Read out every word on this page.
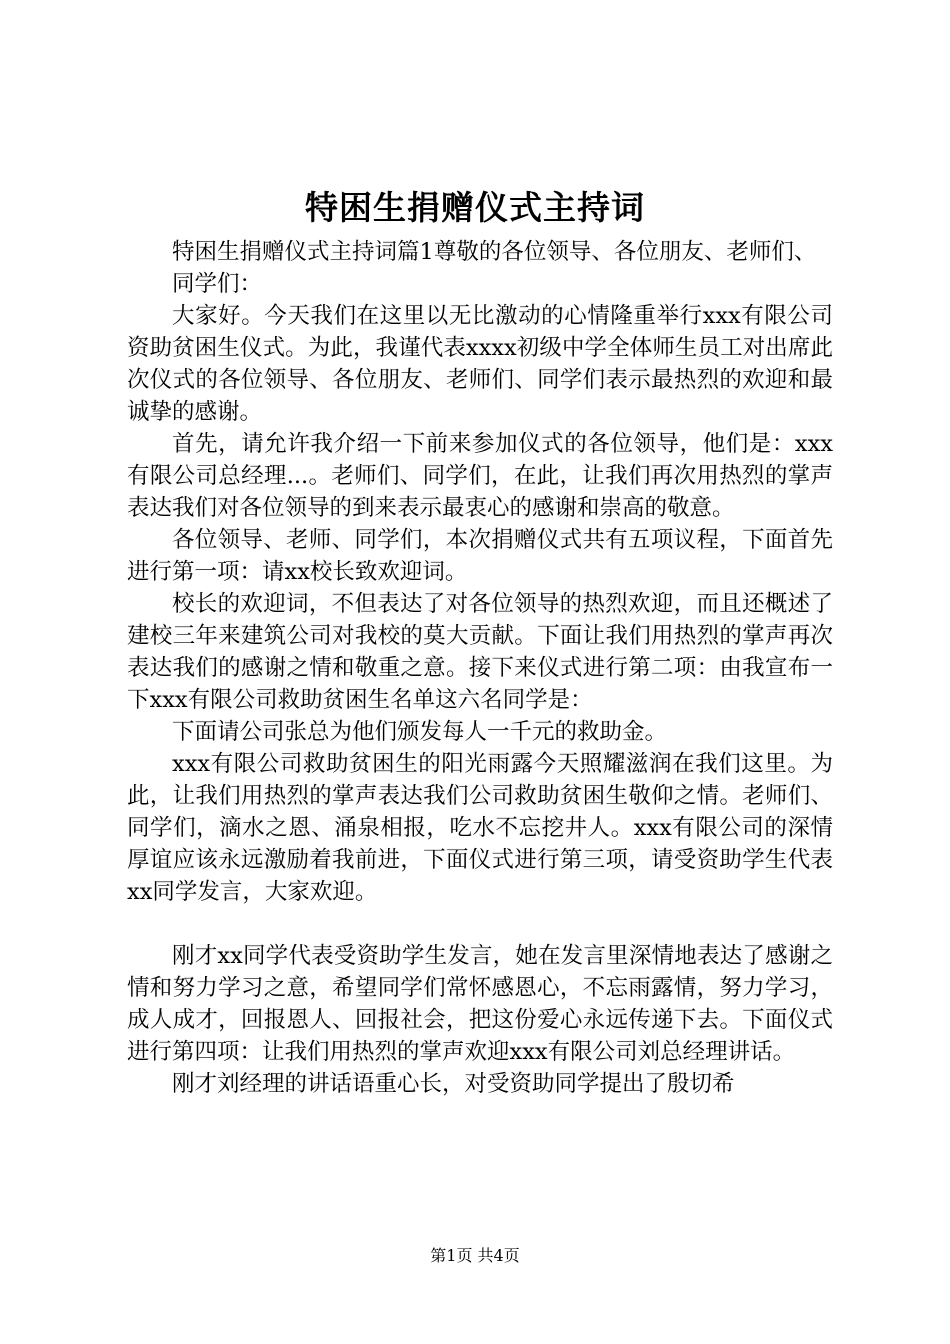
特困生捐赠仪式主持词

特困生捐赠仪式主持词篇1尊敬的各位领导、各位朋友、老师们、

同学们：

大家好。今天我们在这里以无比激动的心情隆重举行xxx有限公司资助贫困生仪式。为此，我谨代表xxxx初级中学全体师生员工对出席此次仪式的各位领导、各位朋友、老师们、同学们表示最热烈的欢迎和最诚挚的感谢。

首先，请允许我介绍一下前来参加仪式的各位领导，他们是：xxx有限公司总经理...。老师们、同学们，在此，让我们再次用热烈的掌声表达我们对各位领导的到来表示最衷心的感谢和崇高的敬意。

各位领导、老师、同学们，本次捐赠仪式共有五项议程，下面首先进行第一项：请xx校长致欢迎词。

校长的欢迎词，不但表达了对各位领导的热烈欢迎，而且还概述了建校三年来建筑公司对我校的莫大贡献。下面让我们用热烈的掌声再次表达我们的感谢之情和敬重之意。接下来仪式进行第二项：由我宣布一下xxx有限公司救助贫困生名单这六名同学是：

下面请公司张总为他们颁发每人一千元的救助金。

xxx有限公司救助贫困生的阳光雨露今天照耀滋润在我们这里。为此，让我们用热烈的掌声表达我们公司救助贫困生敬仰之情。老师们、同学们，滴水之恩、涌泉相报，吃水不忘挖井人。xxx有限公司的深情厚谊应该永远激励着我前进，下面仪式进行第三项，请受资助学生代表xx同学发言，大家欢迎。

刚才xx同学代表受资助学生发言，她在发言里深情地表达了感谢之情和努力学习之意，希望同学们常怀感恩心，不忘雨露情，努力学习，成人成才，回报恩人、回报社会，把这份爱心永远传递下去。下面仪式进行第四项：让我们用热烈的掌声欢迎xxx有限公司刘总经理讲话。

刚才刘经理的讲话语重心长，对受资助同学提出了殷切希

第1页 共4页
